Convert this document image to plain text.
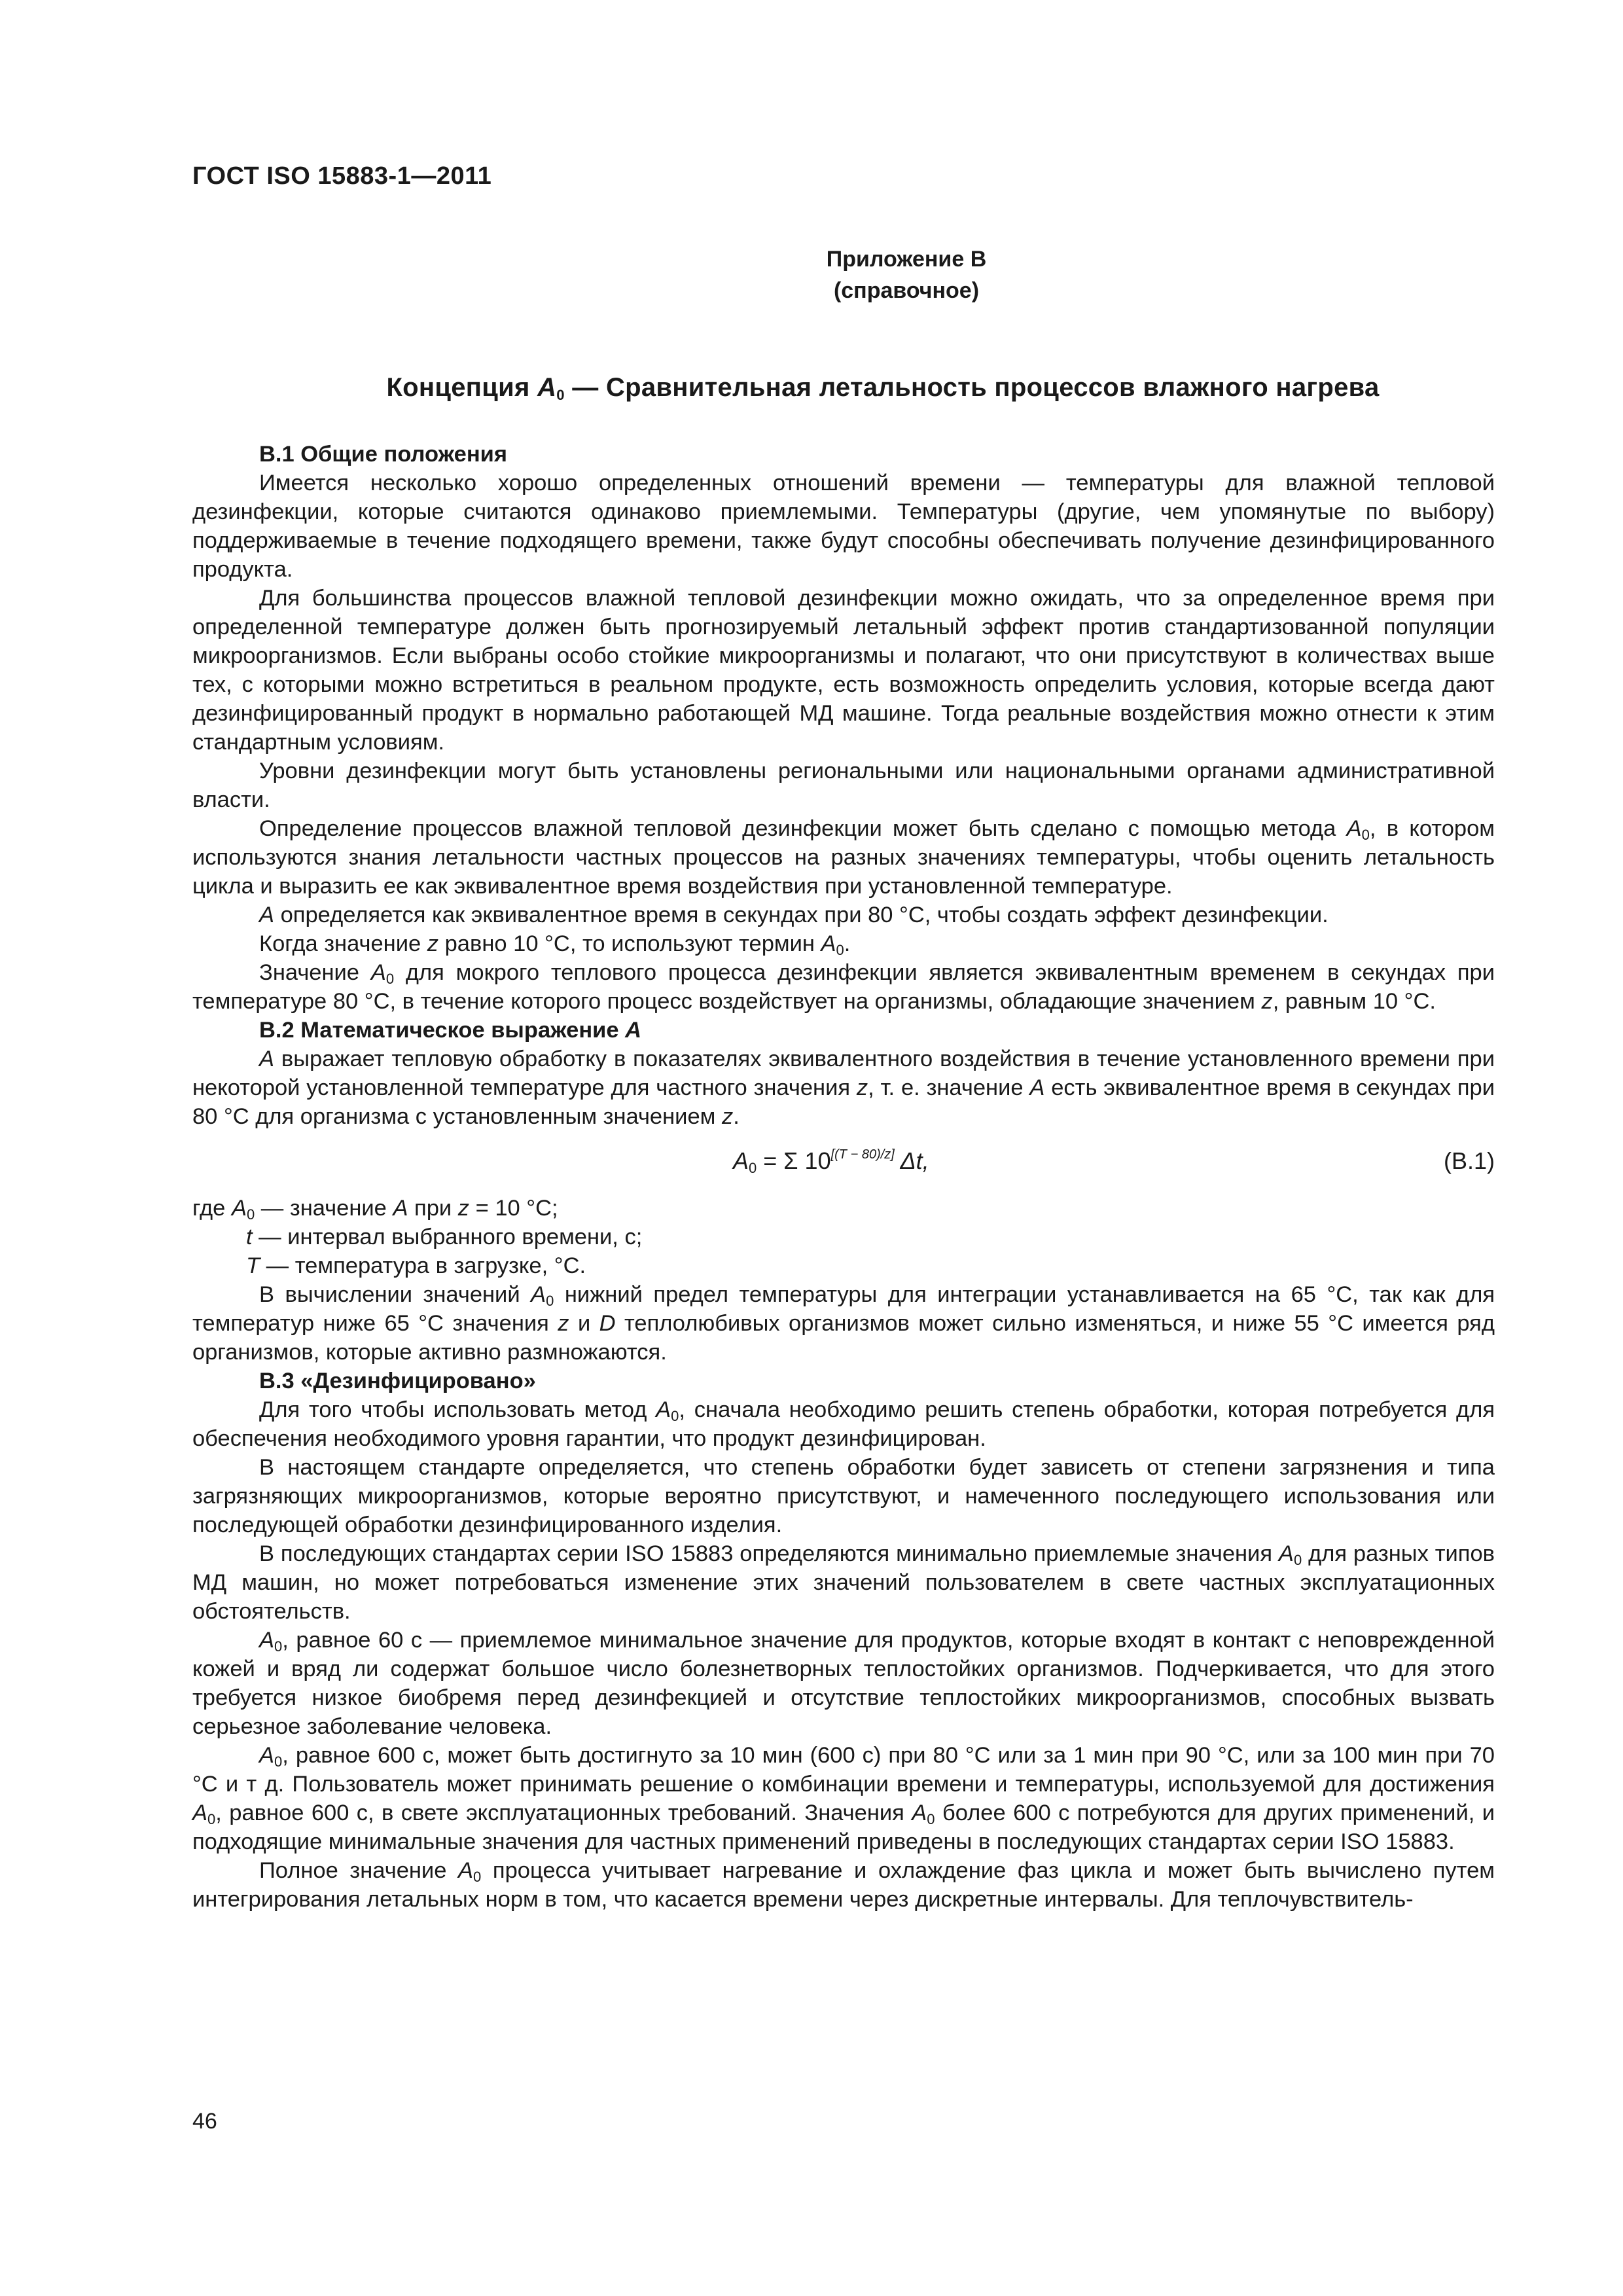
ГОСТ ISO 15883-1—2011
Приложение В
(справочное)
Концепция $A_0$ — Сравнительная летальность процессов влажного нагрева
В.1 Общие положения

Имеется несколько хорошо определенных отношений времени — температуры для влажной тепловой дезинфекции, которые считаются одинаково приемлемыми. Температуры (другие, чем упомянутые по выбору) поддерживаемые в течение подходящего времени, также будут способны обеспечивать получение дезинфицированного продукта.

Для большинства процессов влажной тепловой дезинфекции можно ожидать, что за определенное время при определенной температуре должен быть прогнозируемый летальный эффект против стандартизованной популяции микроорганизмов. Если выбраны особо стойкие микроорганизмы и полагают, что они присутствуют в количествах выше тех, с которыми можно встретиться в реальном продукте, есть возможность определить условия, которые всегда дают дезинфицированный продукт в нормально работающей МД машине. Тогда реальные воздействия можно отнести к этим стандартным условиям.

Уровни дезинфекции могут быть установлены региональными или национальными органами административной власти.

Определение процессов влажной тепловой дезинфекции может быть сделано с помощью метода $A_0$, в котором используются знания летальности частных процессов на разных значениях температуры, чтобы оценить летальность цикла и выразить ее как эквивалентное время воздействия при установленной температуре.

A определяется как эквивалентное время в секундах при 80 °С, чтобы создать эффект дезинфекции.

Когда значение z равно 10 °С, то используют термин $A_0$.

Значение $A_0$ для мокрого теплового процесса дезинфекции является эквивалентным временем в секундах при температуре 80 °С, в течение которого процесс воздействует на организмы, обладающие значением z, равным 10 °С.

В.2 Математическое выражение A

A выражает тепловую обработку в показателях эквивалентного воздействия в течение установленного времени при некоторой установленной температуре для частного значения z, т. е. значение A есть эквивалентное время в секундах при 80 °С для организма с установленным значением z.

$A_0 = \Sigma$ 10[(T − 80)/z] Δt,	(В.1)

где $A_0$ — значение A при z = 10 °С;
t — интервал выбранного времени, с;
T — температура в загрузке, °С.

В вычислении значений $A_0$ нижний предел температуры для интеграции устанавливается на 65 °С, так как для температур ниже 65 °С значения z и D теплолюбивых организмов может сильно изменяться, и ниже 55 °С имеется ряд организмов, которые активно размножаются.

В.3 «Дезинфицировано»

Для того чтобы использовать метод $A_0$, сначала необходимо решить степень обработки, которая потребуется для обеспечения необходимого уровня гарантии, что продукт дезинфицирован.

В настоящем стандарте определяется, что степень обработки будет зависеть от степени загрязнения и типа загрязняющих микроорганизмов, которые вероятно присутствуют, и намеченного последующего использования или последующей обработки дезинфицированного изделия.

В последующих стандартах серии ISO 15883 определяются минимально приемлемые значения $A_0$ для разных типов МД машин, но может потребоваться изменение этих значений пользователем в свете частных эксплуатационных обстоятельств.

$A_0$, равное 60 с — приемлемое минимальное значение для продуктов, которые входят в контакт с неповрежденной кожей и вряд ли содержат большое число болезнетворных теплостойких организмов. Подчеркивается, что для этого требуется низкое биобремя перед дезинфекцией и отсутствие теплостойких микроорганизмов, способных вызвать серьезное заболевание человека.

$A_0$, равное 600 с, может быть достигнуто за 10 мин (600 с) при 80 °С или за 1 мин при 90 °С, или за 100 мин при 70 °С и т д. Пользователь может принимать решение о комбинации времени и температуры, используемой для достижения $A_0$, равное 600 с, в свете эксплуатационных требований. Значения $A_0$ более 600 с потребуются для других применений, и подходящие минимальные значения для частных применений приведены в последующих стандартах серии ISO 15883.

Полное значение $A_0$ процесса учитывает нагревание и охлаждение фаз цикла и может быть вычислено путем интегрирования летальных норм в том, что касается времени через дискретные интервалы. Для теплочувствитель-

46
